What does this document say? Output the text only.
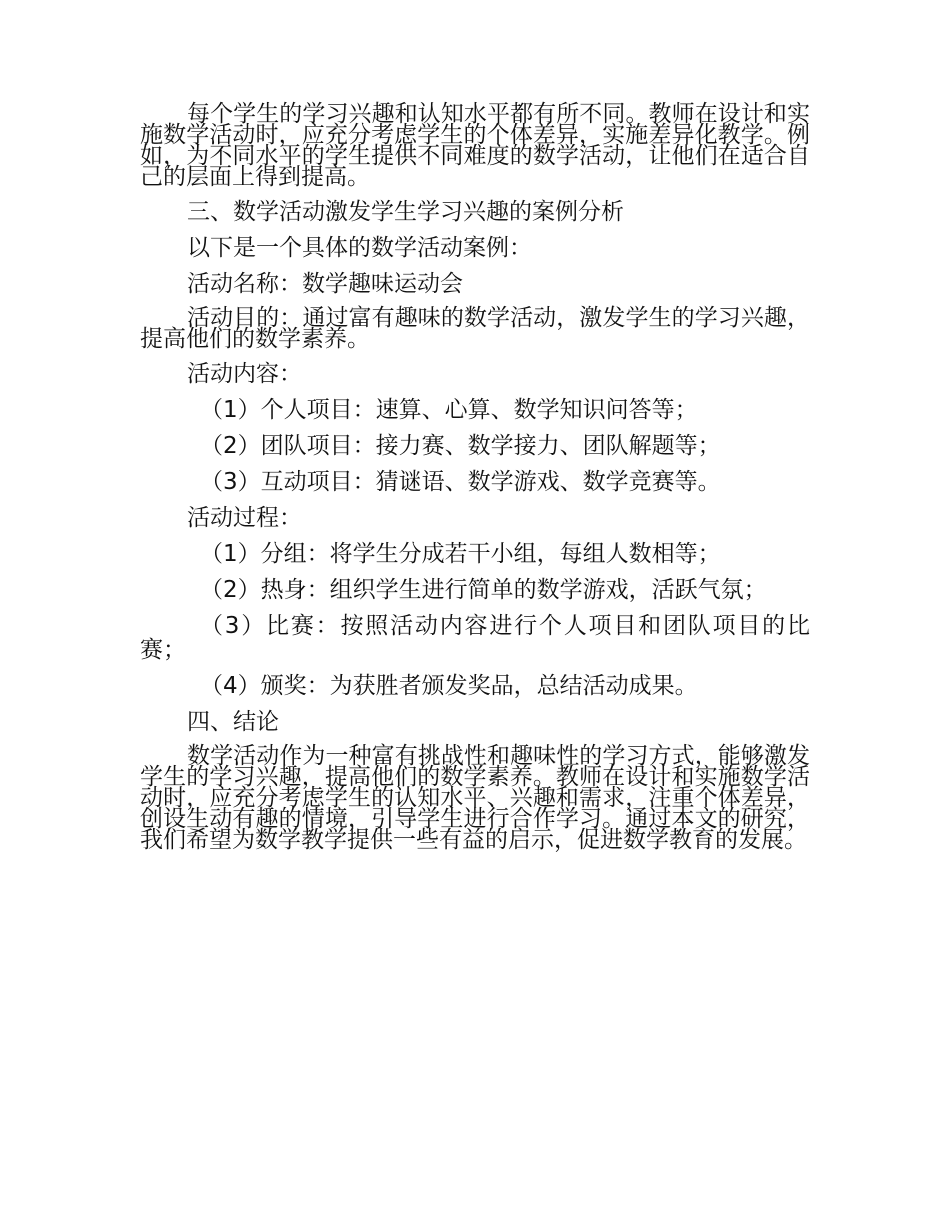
每个学生的学习兴趣和认知水平都有所不同。教师在设计和实施数学活动时，应充分考虑学生的个体差异，实施差异化教学。例如，为不同水平的学生提供不同难度的数学活动，让他们在适合自己的层面上得到提高。

三、数学活动激发学生学习兴趣的案例分析

以下是一个具体的数学活动案例：

活动名称：数学趣味运动会

活动目的：通过富有趣味的数学活动，激发学生的学习兴趣，提高他们的数学素养。

活动内容：

（1）个人项目：速算、心算、数学知识问答等；

（2）团队项目：接力赛、数学接力、团队解题等；

（3）互动项目：猜谜语、数学游戏、数学竞赛等。

活动过程：

（1）分组：将学生分成若干小组，每组人数相等；

（2）热身：组织学生进行简单的数学游戏，活跃气氛；

（3）比赛：按照活动内容进行个人项目和团队项目的比赛；

（4）颁奖：为获胜者颁发奖品，总结活动成果。

四、结论

数学活动作为一种富有挑战性和趣味性的学习方式，能够激发学生的学习兴趣，提高他们的数学素养。教师在设计和实施数学活动时，应充分考虑学生的认知水平、兴趣和需求，注重个体差异，创设生动有趣的情境，引导学生进行合作学习。通过本文的研究，我们希望为数学教学提供一些有益的启示，促进数学教育的发展。
